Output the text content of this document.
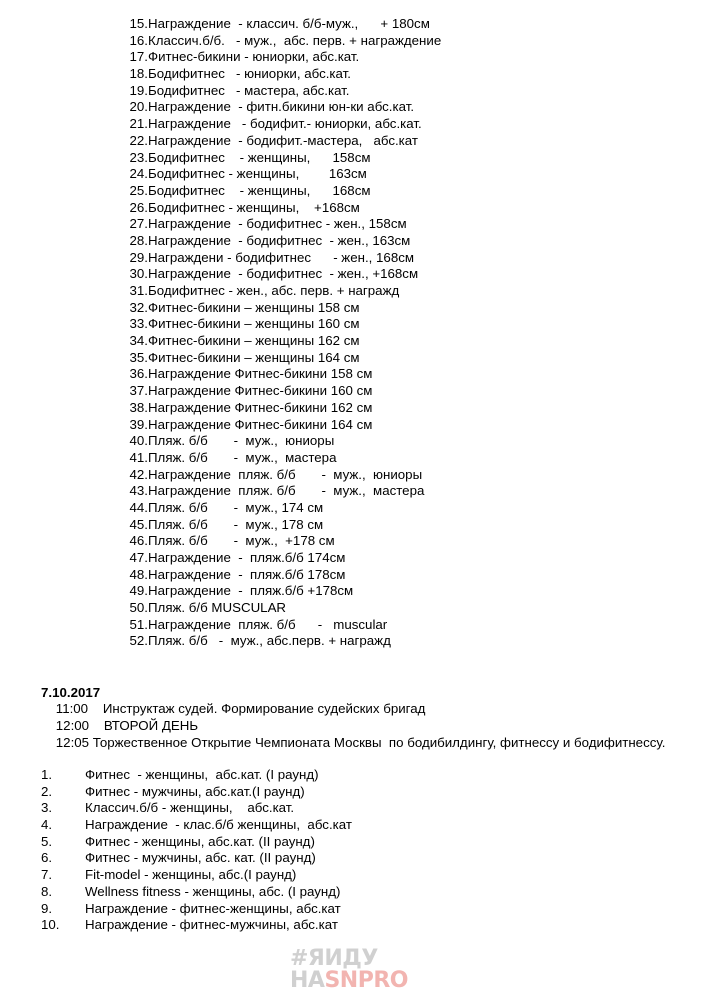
15.Награждение  - классич. б/б-муж.,      + 180см
16.Классич.б/б.   - муж.,  абс. перв. + награждение
17.Фитнес-бикини - юниорки, абс.кат.
18.Бодифитнес   - юниорки, абс.кат.
19.Бодифитнес   - мастера, абс.кат.
20.Награждение  - фитн.бикини юн-ки абс.кат.
21.Награждение   - бодифит.- юниорки, абс.кат.
22.Награждение  - бодифит.-мастера,   абс.кат
23.Бодифитнес    - женщины,      158см
24.Бодифитнес - женщины,        163см
25.Бодифитнес    - женщины,      168см
26.Бодифитнес - женщины,    +168см
27.Награждение  - бодифитнес - жен., 158см
28.Награждение  - бодифитнес  - жен., 163см
29.Награждени - бодифитнес      - жен., 168см
30.Награждение  - бодифитнес  - жен., +168см
31.Бодифитнес - жен., абс. перв. + награжд
32.Фитнес-бикини – женщины 158 см
33.Фитнес-бикини – женщины 160 см
34.Фитнес-бикини – женщины 162 см
35.Фитнес-бикини – женщины 164 см
36.Награждение Фитнес-бикини 158 см
37.Награждение Фитнес-бикини 160 см
38.Награждение Фитнес-бикини 162 см
39.Награждение Фитнес-бикини 164 см
40.Пляж. б/б       -  муж.,  юниоры
41.Пляж. б/б       -  муж.,  мастера
42.Награждение  пляж. б/б       -  муж.,  юниоры
43.Награждение  пляж. б/б       -  муж.,  мастера
44.Пляж. б/б       -  муж., 174 см
45.Пляж. б/б       -  муж., 178 см
46.Пляж. б/б       -  муж.,  +178 см
47.Награждение  -  пляж.б/б 174см
48.Награждение  -  пляж.б/б 178см
49.Награждение  -  пляж.б/б +178см
50.Пляж. б/б MUSCULAR
51.Награждение  пляж. б/б      -   muscular
52.Пляж. б/б   -  муж., абс.перв. + награжд
7.10.2017
11:00    Инструктаж судей. Формирование судейских бригад
12:00    ВТОРОЙ ДЕНЬ
12:05 Торжественное Открытие Чемпионата Москвы  по бодибилдингу, фитнессу и бодифитнессу.
1. Фитнес  - женщины,  абс.кат. (I раунд)
2. Фитнес - мужчины, абс.кат.(I раунд)
3. Классич.б/б - женщины,    абс.кат.
4. Награждение  - клас.б/б женщины,  абс.кат
5. Фитнес - женщины, абс.кат. (II раунд)
6. Фитнес - мужчины, абс. кат. (II раунд)
7. Fit-model - женщины, абс.(I раунд)
8. Wellness fitness - женщины, абс. (I раунд)
9. Награждение - фитнес-женщины, абс.кат
10. Награждение - фитнес-мужчины, абс.кат
#ЯИДУ
НАSNPRO
